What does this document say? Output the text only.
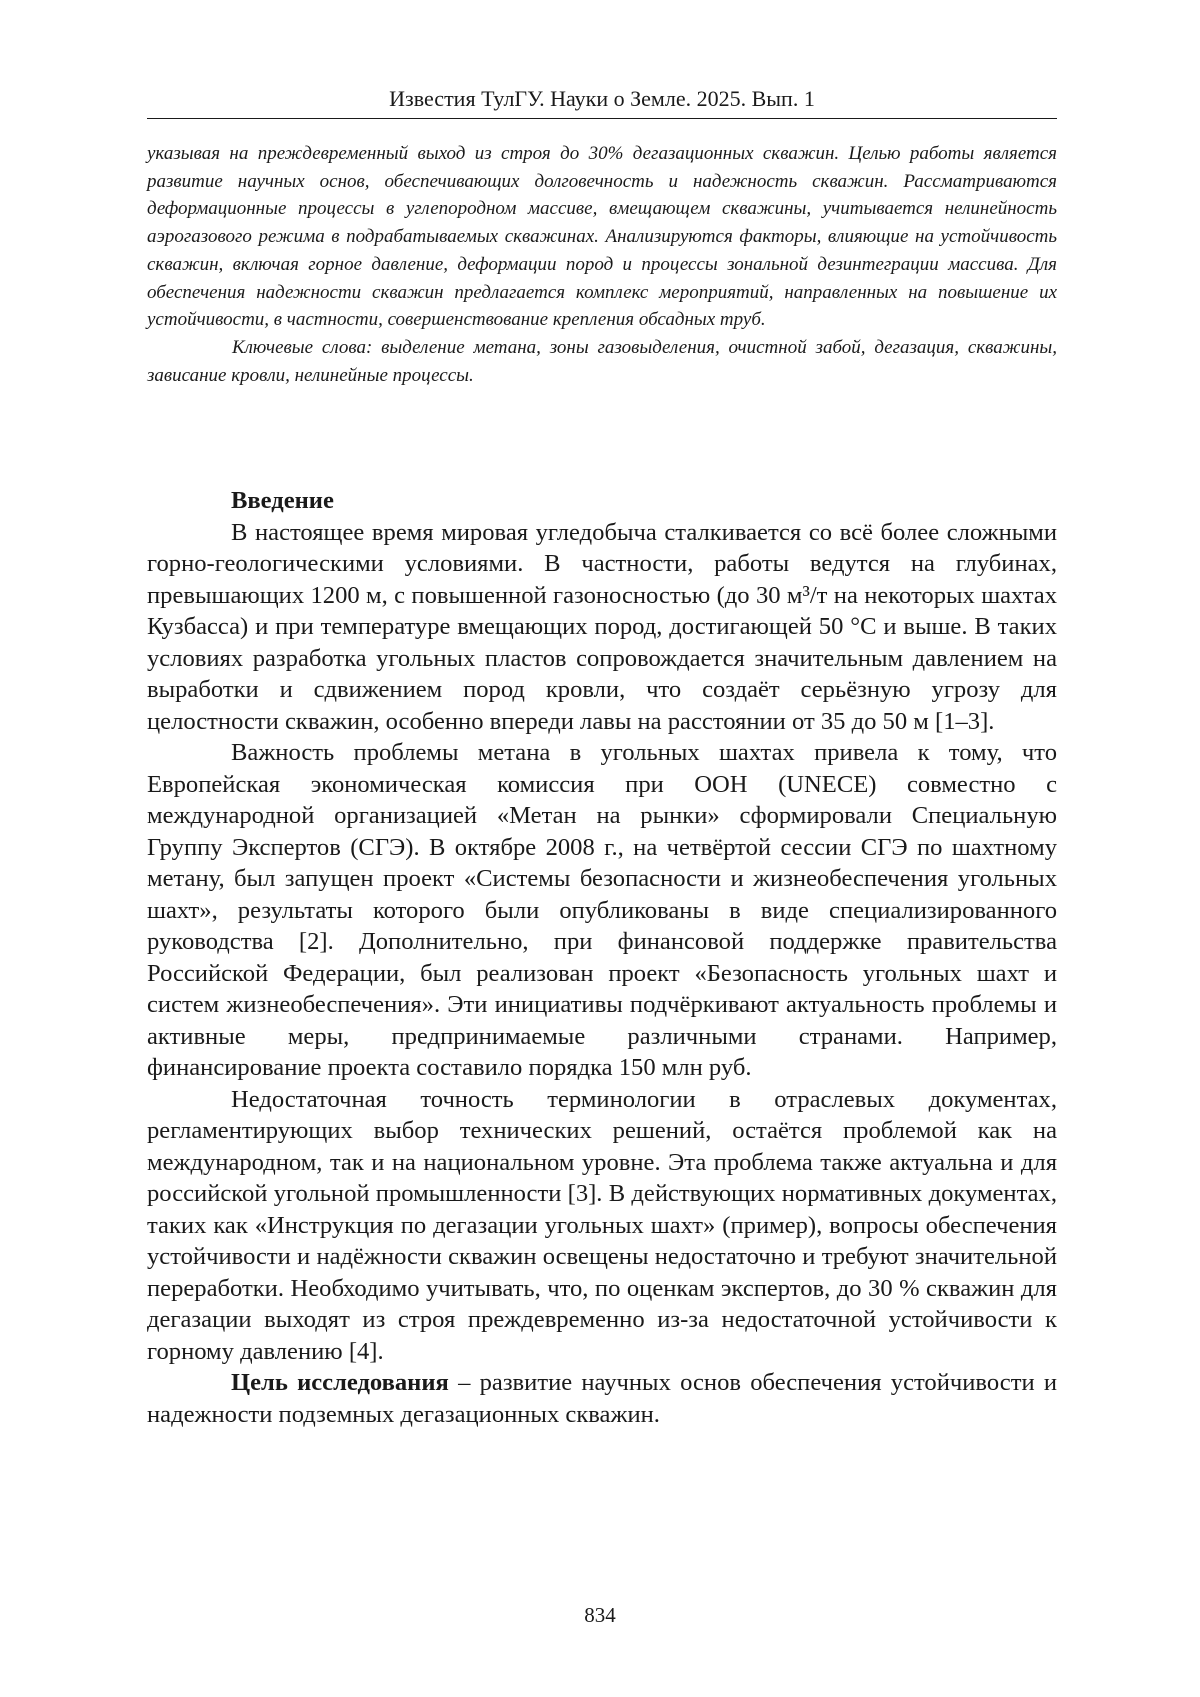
Известия ТулГУ. Науки о Земле. 2025. Вып. 1

указывая на преждевременный выход из строя до 30% дегазационных скважин. Целью работы является развитие научных основ, обеспечивающих долговечность и надежность скважин. Рассматриваются деформационные процессы в углепородном массиве, вмещающем скважины, учитывается нелинейность аэрогазового режима в подрабатываемых скважинах. Анализируются факторы, влияющие на устойчивость скважин, включая горное давление, деформации пород и процессы зональной дезинтеграции массива. Для обеспечения надежности скважин предлагается комплекс мероприятий, направленных на повышение их устойчивости, в частности, совершенствование крепления обсадных труб.

Ключевые слова: выделение метана, зоны газовыделения, очистной забой, дегазация, скважины, зависание кровли, нелинейные процессы.

Введение

В настоящее время мировая угледобыча сталкивается со всё более сложными горно-геологическими условиями. В частности, работы ведутся на глубинах, превышающих 1200 м, с повышенной газоносностью (до 30 м³/т на некоторых шахтах Кузбасса) и при температуре вмещающих пород, достигающей 50 °С и выше. В таких условиях разработка угольных пластов сопровождается значительным давлением на выработки и сдвижением пород кровли, что создаёт серьёзную угрозу для целостности скважин, особенно впереди лавы на расстоянии от 35 до 50 м [1–3].

Важность проблемы метана в угольных шахтах привела к тому, что Европейская экономическая комиссия при ООН (UNECE) совместно с международной организацией «Метан на рынки» сформировали Специальную Группу Экспертов (СГЭ). В октябре 2008 г., на четвёртой сессии СГЭ по шахтному метану, был запущен проект «Системы безопасности и жизнеобеспечения угольных шахт», результаты которого были опубликованы в виде специализированного руководства [2]. Дополнительно, при финансовой поддержке правительства Российской Федерации, был реализован проект «Безопасность угольных шахт и систем жизнеобеспечения». Эти инициативы подчёркивают актуальность проблемы и активные меры, предпринимаемые различными странами. Например, финансирование проекта составило порядка 150 млн руб.

Недостаточная точность терминологии в отраслевых документах, регламентирующих выбор технических решений, остаётся проблемой как на международном, так и на национальном уровне. Эта проблема также актуальна и для российской угольной промышленности [3]. В действующих нормативных документах, таких как «Инструкция по дегазации угольных шахт» (пример), вопросы обеспечения устойчивости и надёжности скважин освещены недостаточно и требуют значительной переработки. Необходимо учитывать, что, по оценкам экспертов, до 30 % скважин для дегазации выходят из строя преждевременно из-за недостаточной устойчивости к горному давлению [4].

Цель исследования – развитие научных основ обеспечения устойчивости и надежности подземных дегазационных скважин.

834
